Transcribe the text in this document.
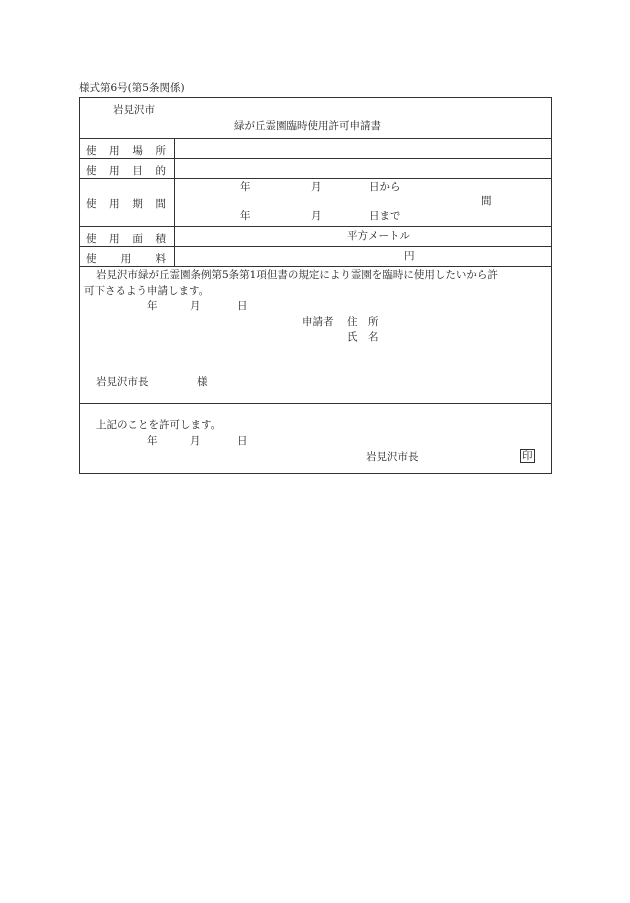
様式第6号(第5条関係)
岩見沢市
緑が丘霊園臨時使用許可申請書
使 用 場 所
使 用 目 的
使 用 期 間
年	月	日から
間
年	月	日まで
使 用 面 積	平方メートル
使 用 料	円
岩見沢市緑が丘霊園条例第5条第1項但書の規定により霊園を臨時に使用したいから許
可下さるよう申請します。
年	月	日
申請者 住　所
氏　名
岩見沢市長	様
上記のことを許可します。
年	月	日
岩見沢市長	印
